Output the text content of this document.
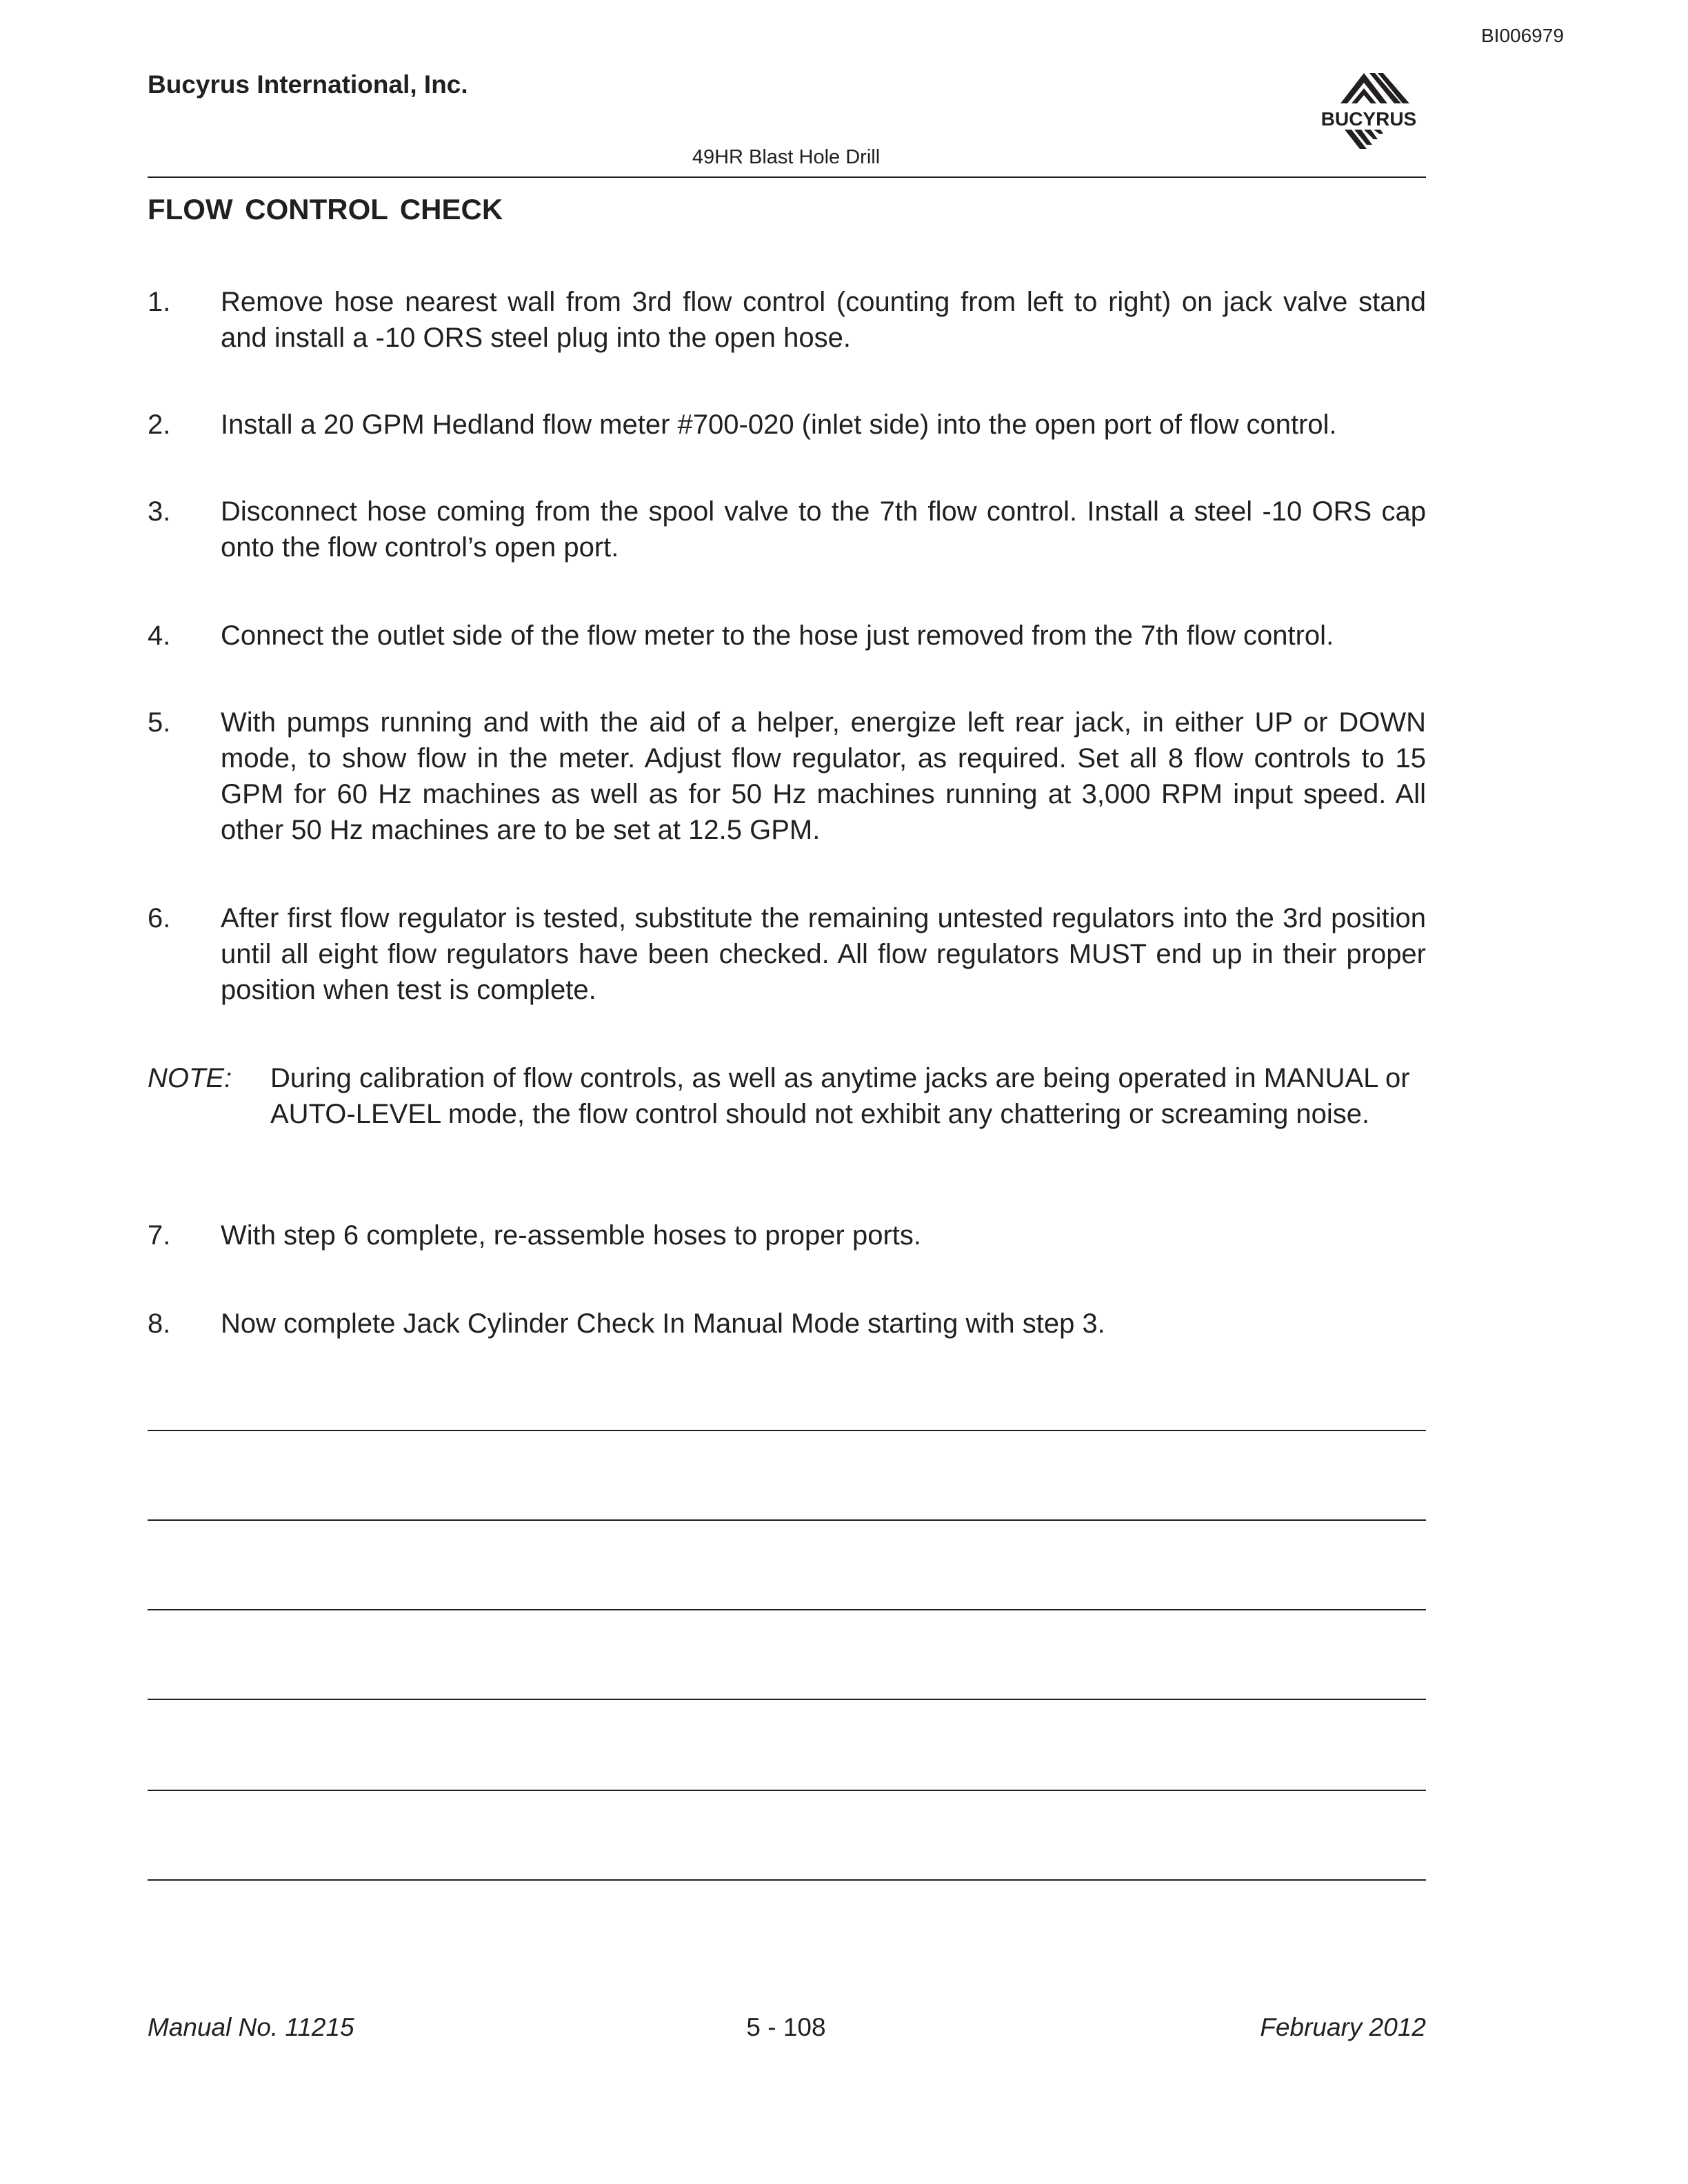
BI006979
Bucyrus International, Inc.
BUCYRUS
49HR Blast Hole Drill
FLOW CONTROL CHECK
1.	Remove hose nearest wall from 3rd flow control (counting from left to right) on jack valve stand and install a -10 ORS steel plug into the open hose.
2.	Install a 20 GPM Hedland flow meter #700-020 (inlet side) into the open port of flow control.
3.	Disconnect hose coming from the spool valve to the 7th flow control. Install a steel -10 ORS cap onto the flow control’s open port.
4.	Connect the outlet side of the flow meter to the hose just removed from the 7th flow control.
5.	With pumps running and with the aid of a helper, energize left rear jack, in either UP or DOWN mode, to show flow in the meter. Adjust flow regulator, as required. Set all 8 flow controls to 15 GPM for 60 Hz machines as well as for 50 Hz machines running at 3,000 RPM input speed. All other 50 Hz machines are to be set at 12.5 GPM.
6.	After first flow regulator is tested, substitute the remaining untested regulators into the 3rd position until all eight flow regulators have been checked. All flow regulators MUST end up in their proper position when test is complete.
NOTE: During calibration of flow controls, as well as anytime jacks are being operated in MANUAL or AUTO-LEVEL mode, the flow control should not exhibit any chattering or screaming noise.
7.	With step 6 complete, re-assemble hoses to proper ports.
8.	Now complete Jack Cylinder Check In Manual Mode starting with step 3.
Manual No. 11215	5 - 108	February 2012
